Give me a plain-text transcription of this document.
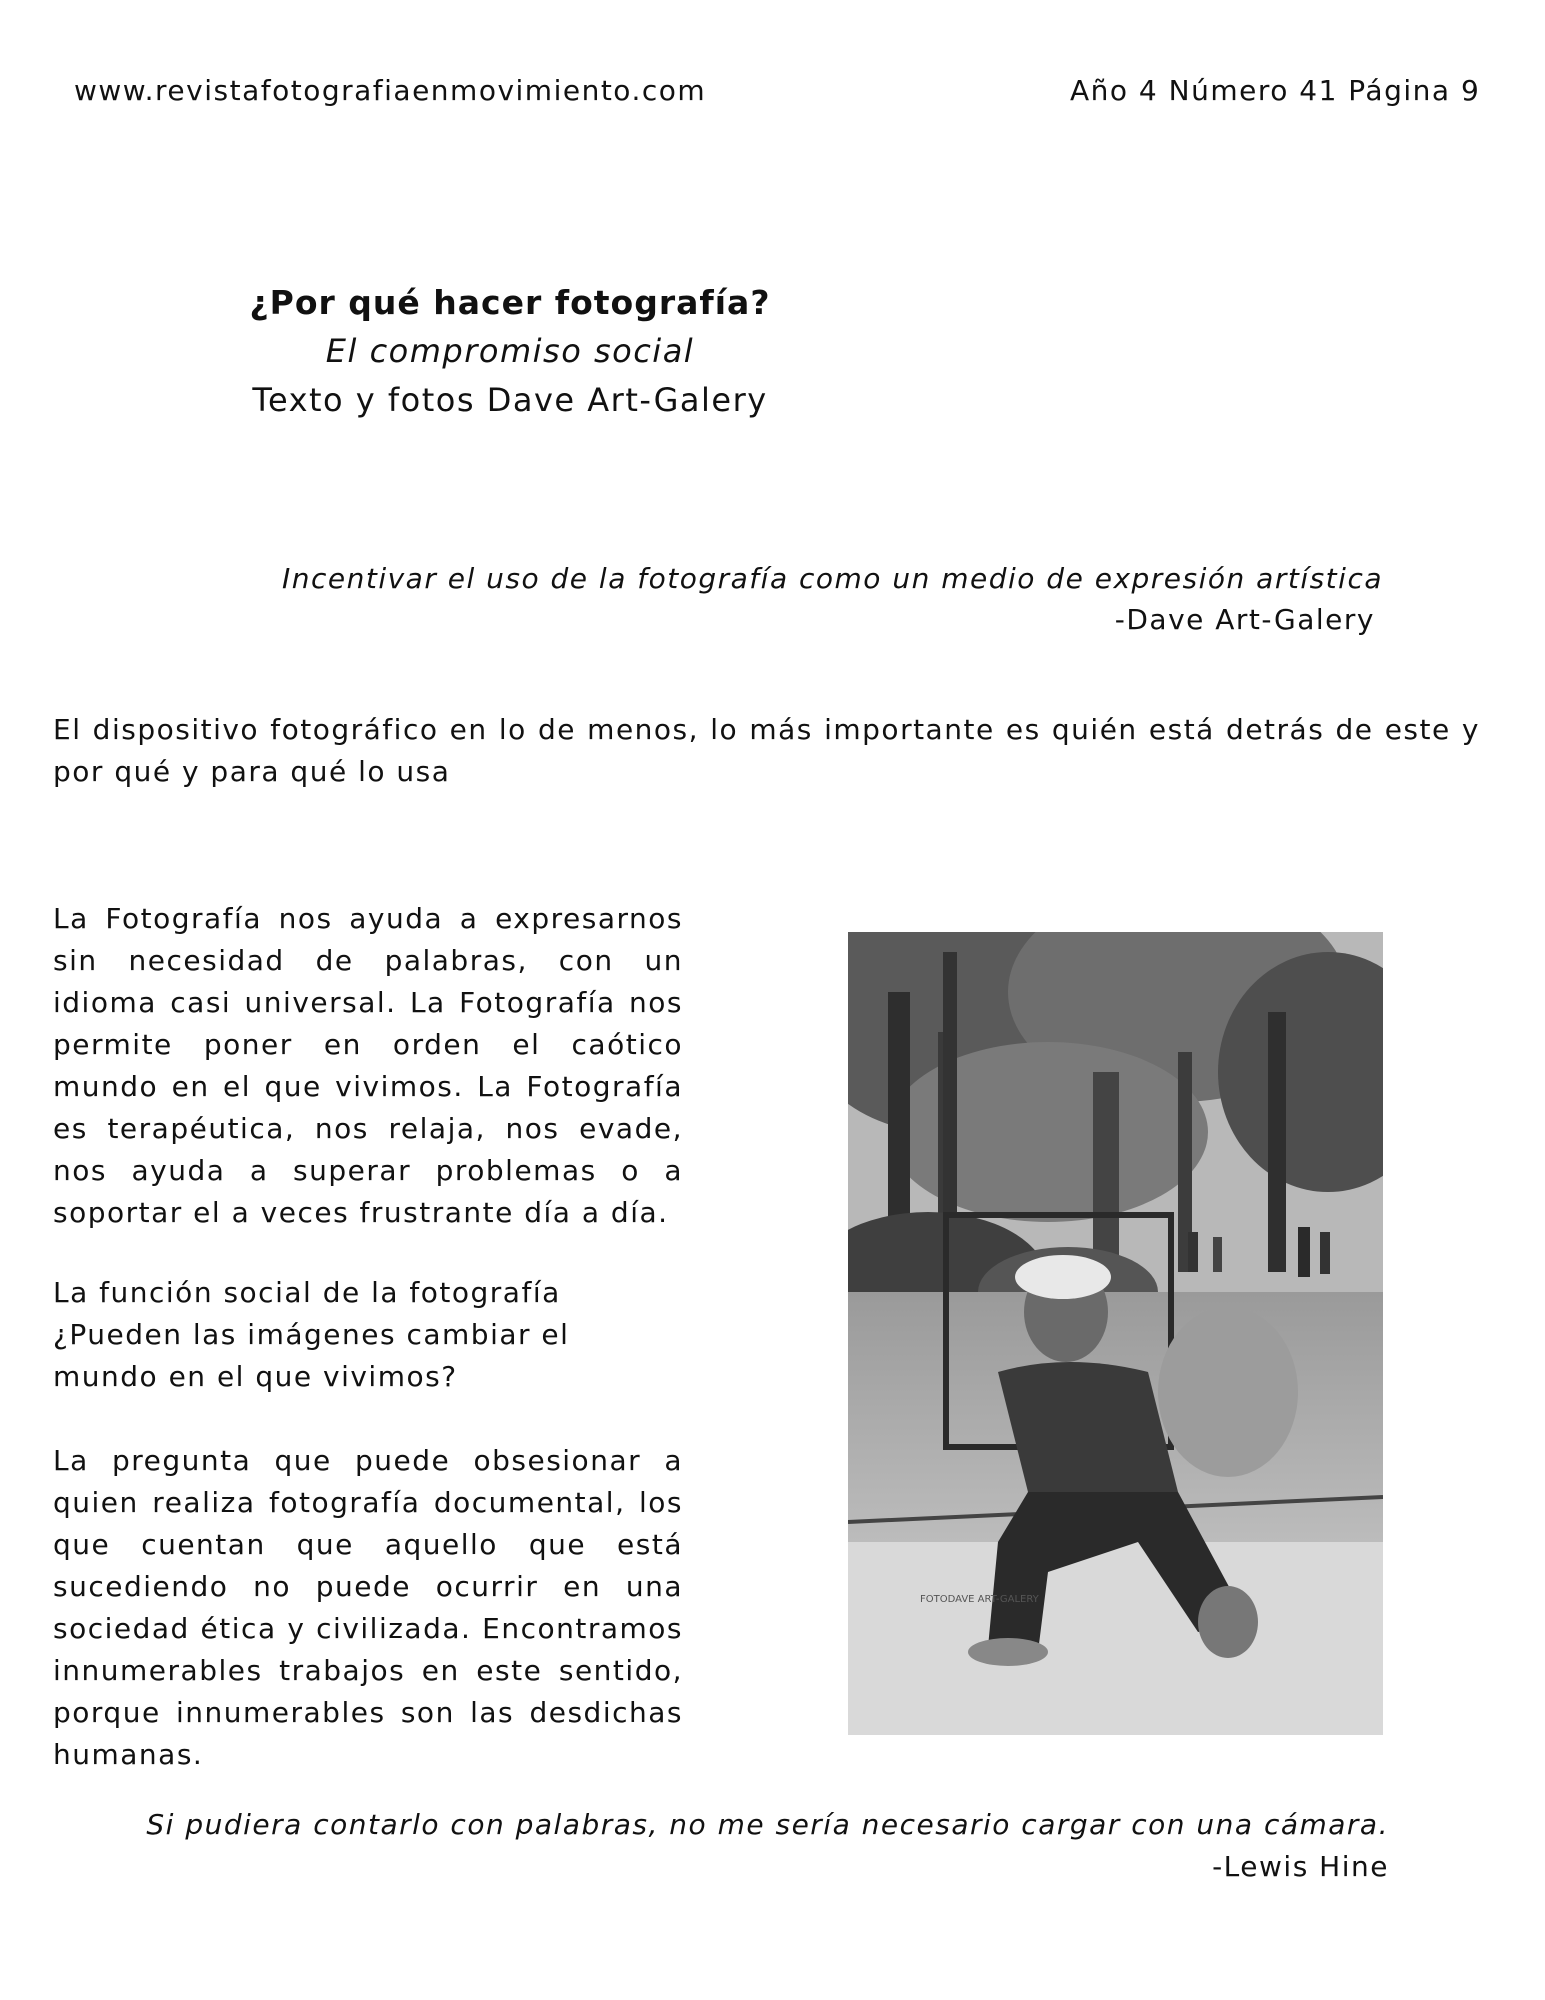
www.revistafotografiaenmovimiento.com	Año 4 Número 41 Página 9
¿Por qué hacer fotografía?
El compromiso social
Texto y fotos Dave Art-Galery
Incentivar el uso de la fotografía como un medio de expresión artística
-Dave Art-Galery

El dispositivo fotográfico en lo de menos, lo más importante es quién está detrás de este y por qué y para qué lo usa

La Fotografía nos ayuda a expresarnos sin necesidad de palabras, con un idioma casi universal. La Fotografía nos permite poner en orden el caótico mundo en el que vivimos. La Fotografía es terapéutica, nos relaja, nos evade, nos ayuda a superar problemas o a soportar el a veces frustrante día a día.

La función social de la fotografía
¿Pueden las imágenes cambiar el mundo en el que vivimos?

La pregunta que puede obsesionar a quien realiza fotografía documental, los que cuentan que aquello que está sucediendo no puede ocurrir en una sociedad ética y civilizada. Encontramos innumerables trabajos en este sentido, porque innumerables son las desdichas humanas.

FOTODAVE ART-GALERY
Si pudiera contarlo con palabras, no me sería necesario cargar con una cámara.
-Lewis Hine
